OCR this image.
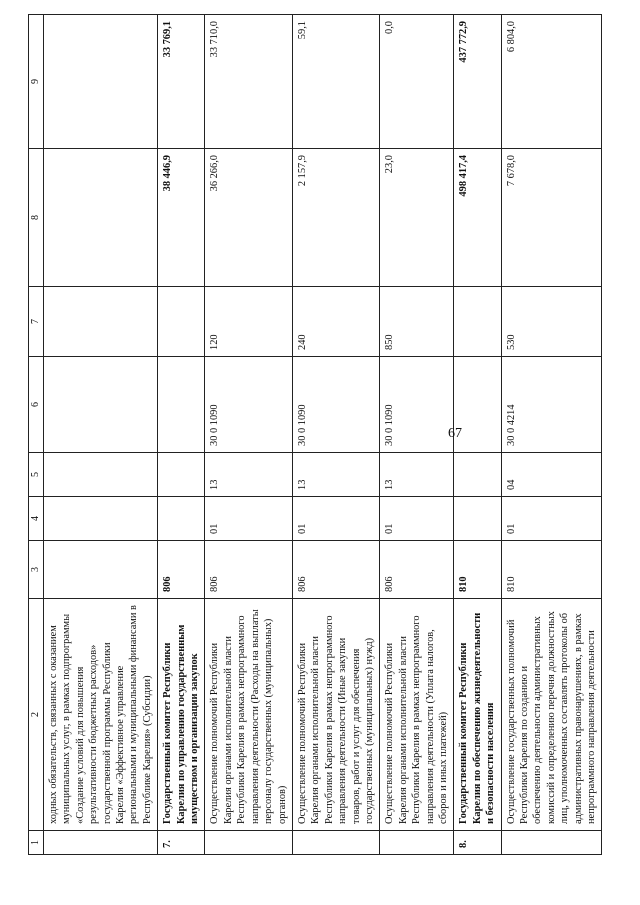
1	2	3	4	5	6	7	8	9
	ходных обязательств, связанных с оказанием муниципальных услуг, в рамках подпрограммы «Создание условий для повышения результативности бюджетных расходов» государственной программы Республики Карелия «Эффективное управление региональными и муниципальными финансами в Республике Карелия» (Субсидии)							
7.	Государственный комитет Республики Карелия по управлению государственным имуществом и организации закупок	806					38 446,9	33 769,1
	Осуществление полномочий Республики Карелия органами исполнительной власти Республики Карелия в рамках непрограммного направления деятельности (Расходы на выплаты персоналу государственных (муниципальных) органов)	806	01	13	30 0 1090	120	36 266,0	33 710,0
	Осуществление полномочий Республики Карелия органами исполнительной власти Республики Карелия в рамках непрограммного направления деятельности (Иные закупки товаров, работ и услуг для обеспечения государственных (муниципальных) нужд)	806	01	13	30 0 1090	240	2 157,9	59,1
	Осуществление полномочий Республики Карелия органами исполнительной власти Республики Карелия в рамках непрограммного направления деятельности (Уплата налогов, сборов и иных платежей)	806	01	13	30 0 1090	850	23,0	0,0
8.	Государственный комитет Республики Карелия по обеспечению жизнедеятельности и безопасности населения	810					498 417,4	437 772,9
	Осуществление государственных полномочий Республики Карелия по созданию и обеспечению деятельности административных комиссий и определению перечня должностных лиц, уполномоченных составлять протоколы об административных правонарушениях, в рамках непрограммного направления деятельности	810	01	04	30 0 4214	530	7 678,0	6 804,0
67
